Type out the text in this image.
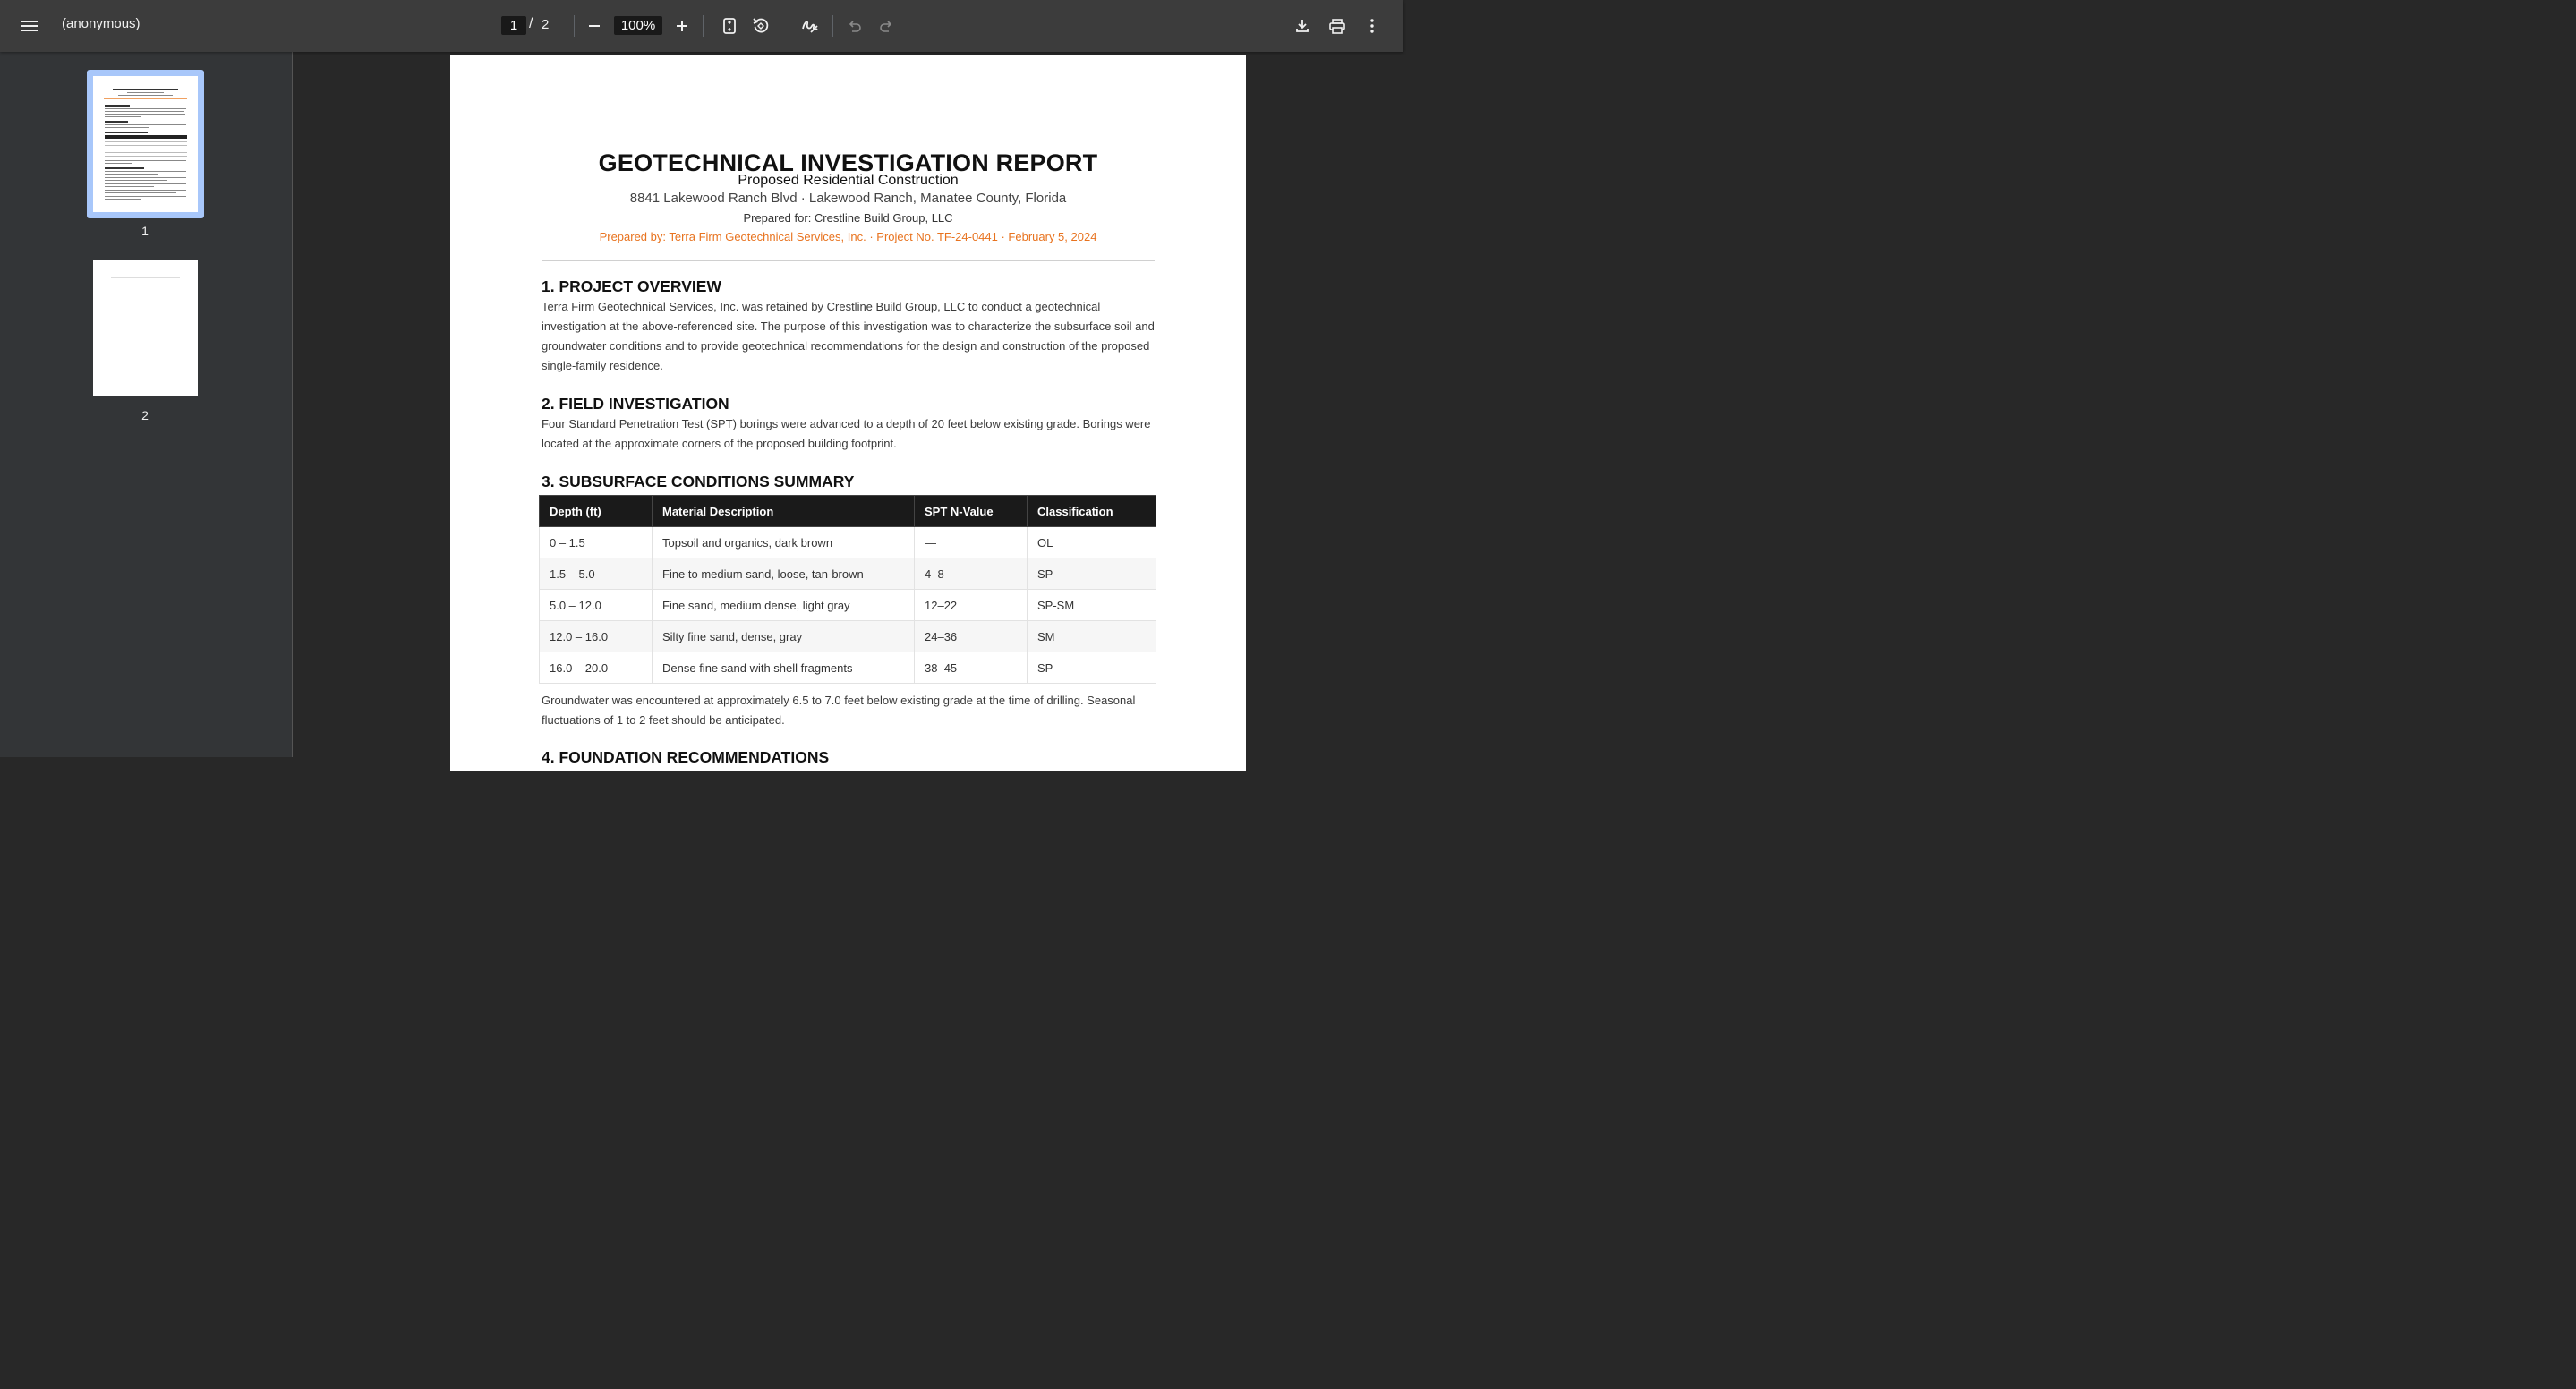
(anonymous)	1 / 2	100%
1
2
GEOTECHNICAL INVESTIGATION REPORT
Proposed Residential Construction
8841 Lakewood Ranch Blvd · Lakewood Ranch, Manatee County, Florida
Prepared for: Crestline Build Group, LLC
Prepared by: Terra Firm Geotechnical Services, Inc. · Project No. TF-24-0441 · February 5, 2024
1. PROJECT OVERVIEW
Terra Firm Geotechnical Services, Inc. was retained by Crestline Build Group, LLC to conduct a geotechnical investigation at the above-referenced site. The purpose of this investigation was to characterize the subsurface soil and groundwater conditions and to provide geotechnical recommendations for the design and construction of the proposed single-family residence.
2. FIELD INVESTIGATION
Four Standard Penetration Test (SPT) borings were advanced to a depth of 20 feet below existing grade. Borings were located at the approximate corners of the proposed building footprint.
3. SUBSURFACE CONDITIONS SUMMARY
Depth (ft)	Material Description	SPT N-Value	Classification
0 – 1.5	Topsoil and organics, dark brown	—	OL
1.5 – 5.0	Fine to medium sand, loose, tan-brown	4–8	SP
5.0 – 12.0	Fine sand, medium dense, light gray	12–22	SP-SM
12.0 – 16.0	Silty fine sand, dense, gray	24–36	SM
16.0 – 20.0	Dense fine sand with shell fragments	38–45	SP
Groundwater was encountered at approximately 6.5 to 7.0 feet below existing grade at the time of drilling. Seasonal fluctuations of 1 to 2 feet should be anticipated.
4. FOUNDATION RECOMMENDATIONS
